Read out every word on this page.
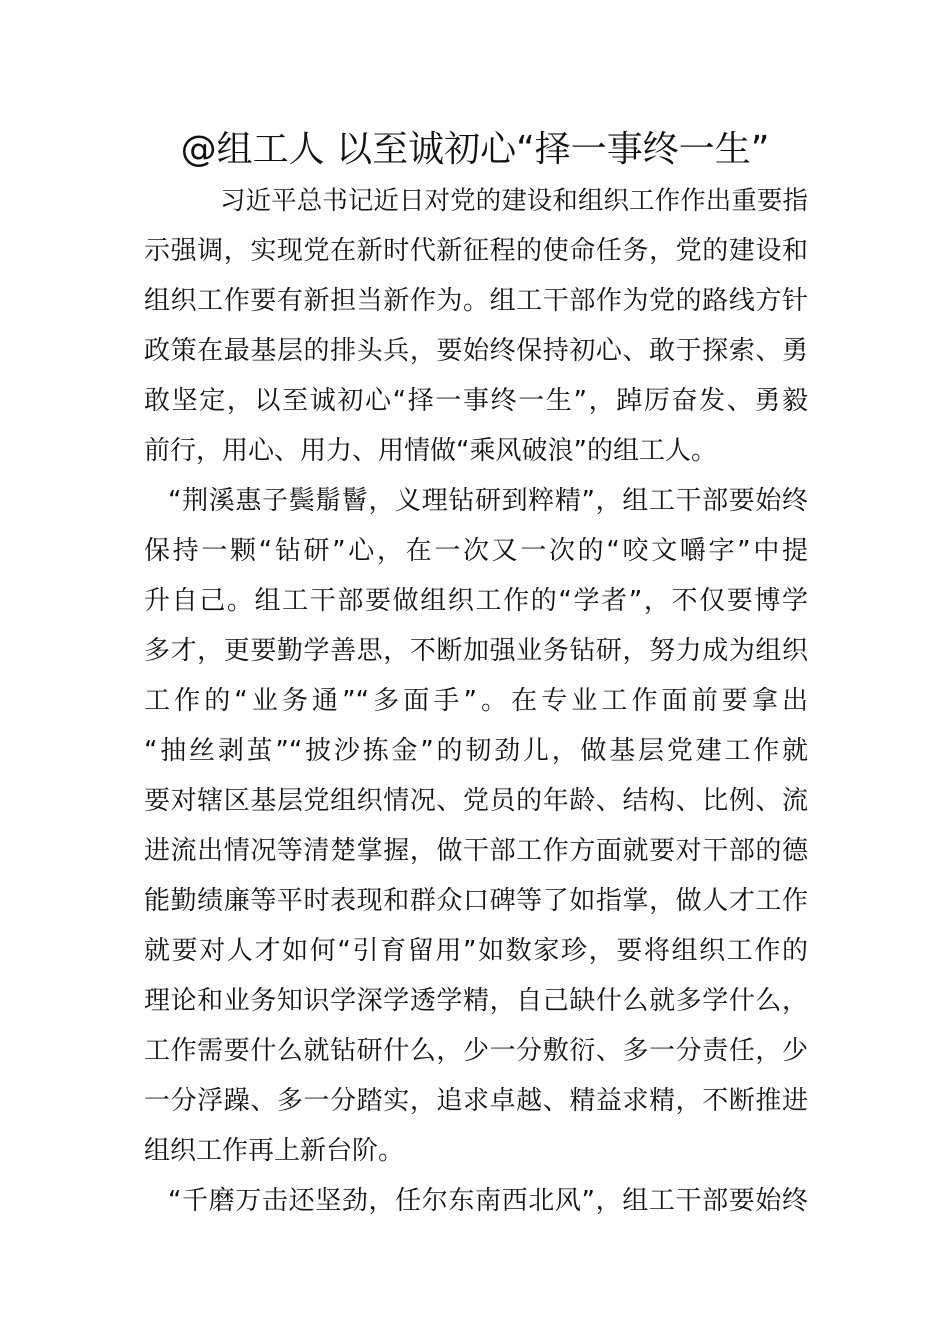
@组工人 以至诚初心“择一事终一生”
习近平总书记近日对党的建设和组织工作作出重要指
示强调，实现党在新时代新征程的使命任务，党的建设和
组织工作要有新担当新作为。组工干部作为党的路线方针
政策在最基层的排头兵，要始终保持初心、敢于探索、勇
敢坚定，以至诚初心“择一事终一生”，踔厉奋发、勇毅
前行，用心、用力、用情做“乘风破浪”的组工人。
“荆溪惠子鬓鬅鬙，义理钻研到粹精”，组工干部要始终
保持一颗“钻研”心，在一次又一次的“咬文嚼字”中提
升自己。组工干部要做组织工作的“学者”，不仅要博学
多才，更要勤学善思，不断加强业务钻研，努力成为组织
工作的“业务通”“多面手”。在专业工作面前要拿出
“抽丝剥茧”“披沙拣金”的韧劲儿，做基层党建工作就
要对辖区基层党组织情况、党员的年龄、结构、比例、流
进流出情况等清楚掌握，做干部工作方面就要对干部的德
能勤绩廉等平时表现和群众口碑等了如指掌，做人才工作
就要对人才如何“引育留用”如数家珍，要将组织工作的
理论和业务知识学深学透学精，自己缺什么就多学什么，
工作需要什么就钻研什么，少一分敷衍、多一分责任，少
一分浮躁、多一分踏实，追求卓越、精益求精，不断推进
组织工作再上新台阶。
“千磨万击还坚劲，任尔东南西北风”，组工干部要始终
